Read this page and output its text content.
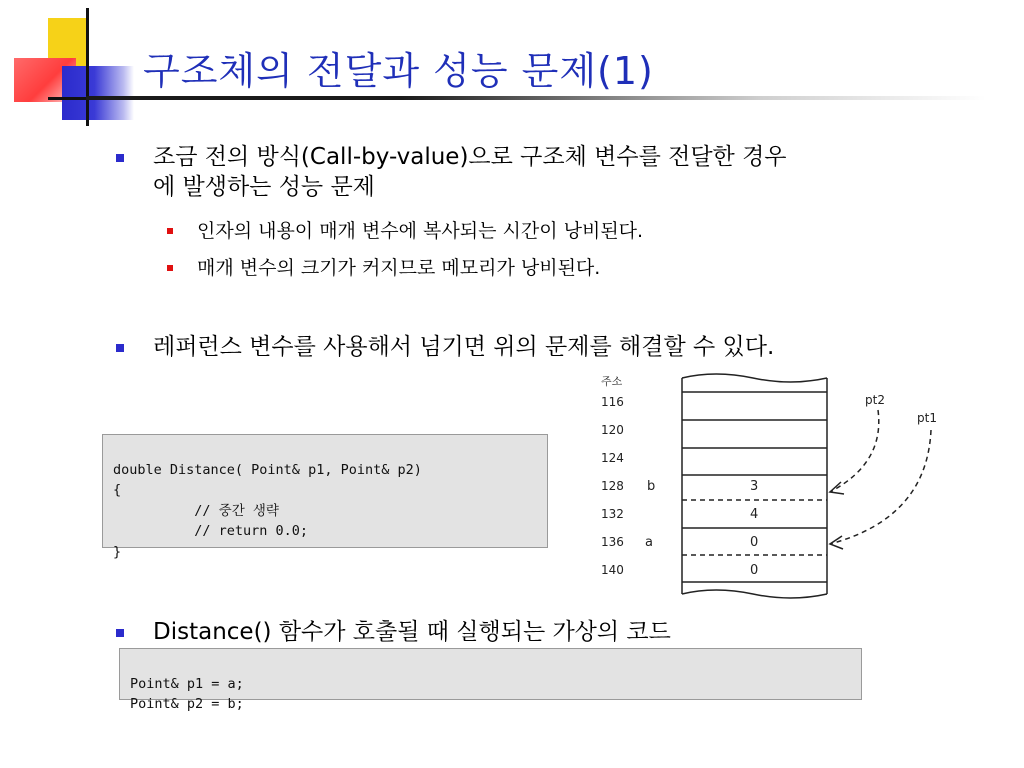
구조체의 전달과 성능 문제(1)
조금 전의 방식(Call-by-value)으로 구조체 변수를 전달한 경우
에 발생하는 성능 문제
인자의 내용이 매개 변수에 복사되는 시간이 낭비된다.
매개 변수의 크기가 커지므로 메모리가 낭비된다.
레퍼런스 변수를 사용해서 넘기면 위의 문제를 해결할 수 있다.

double Distance( Point& p1, Point& p2)
{
// 중간 생략
// return 0.0;
}

주소
116
120
124
128
132
136
140
b
a
3
4
0
0
pt2
pt1
Distance() 함수가 호출될 때 실행되는 가상의 코드

Point& p1 = a;
Point& p2 = b;
